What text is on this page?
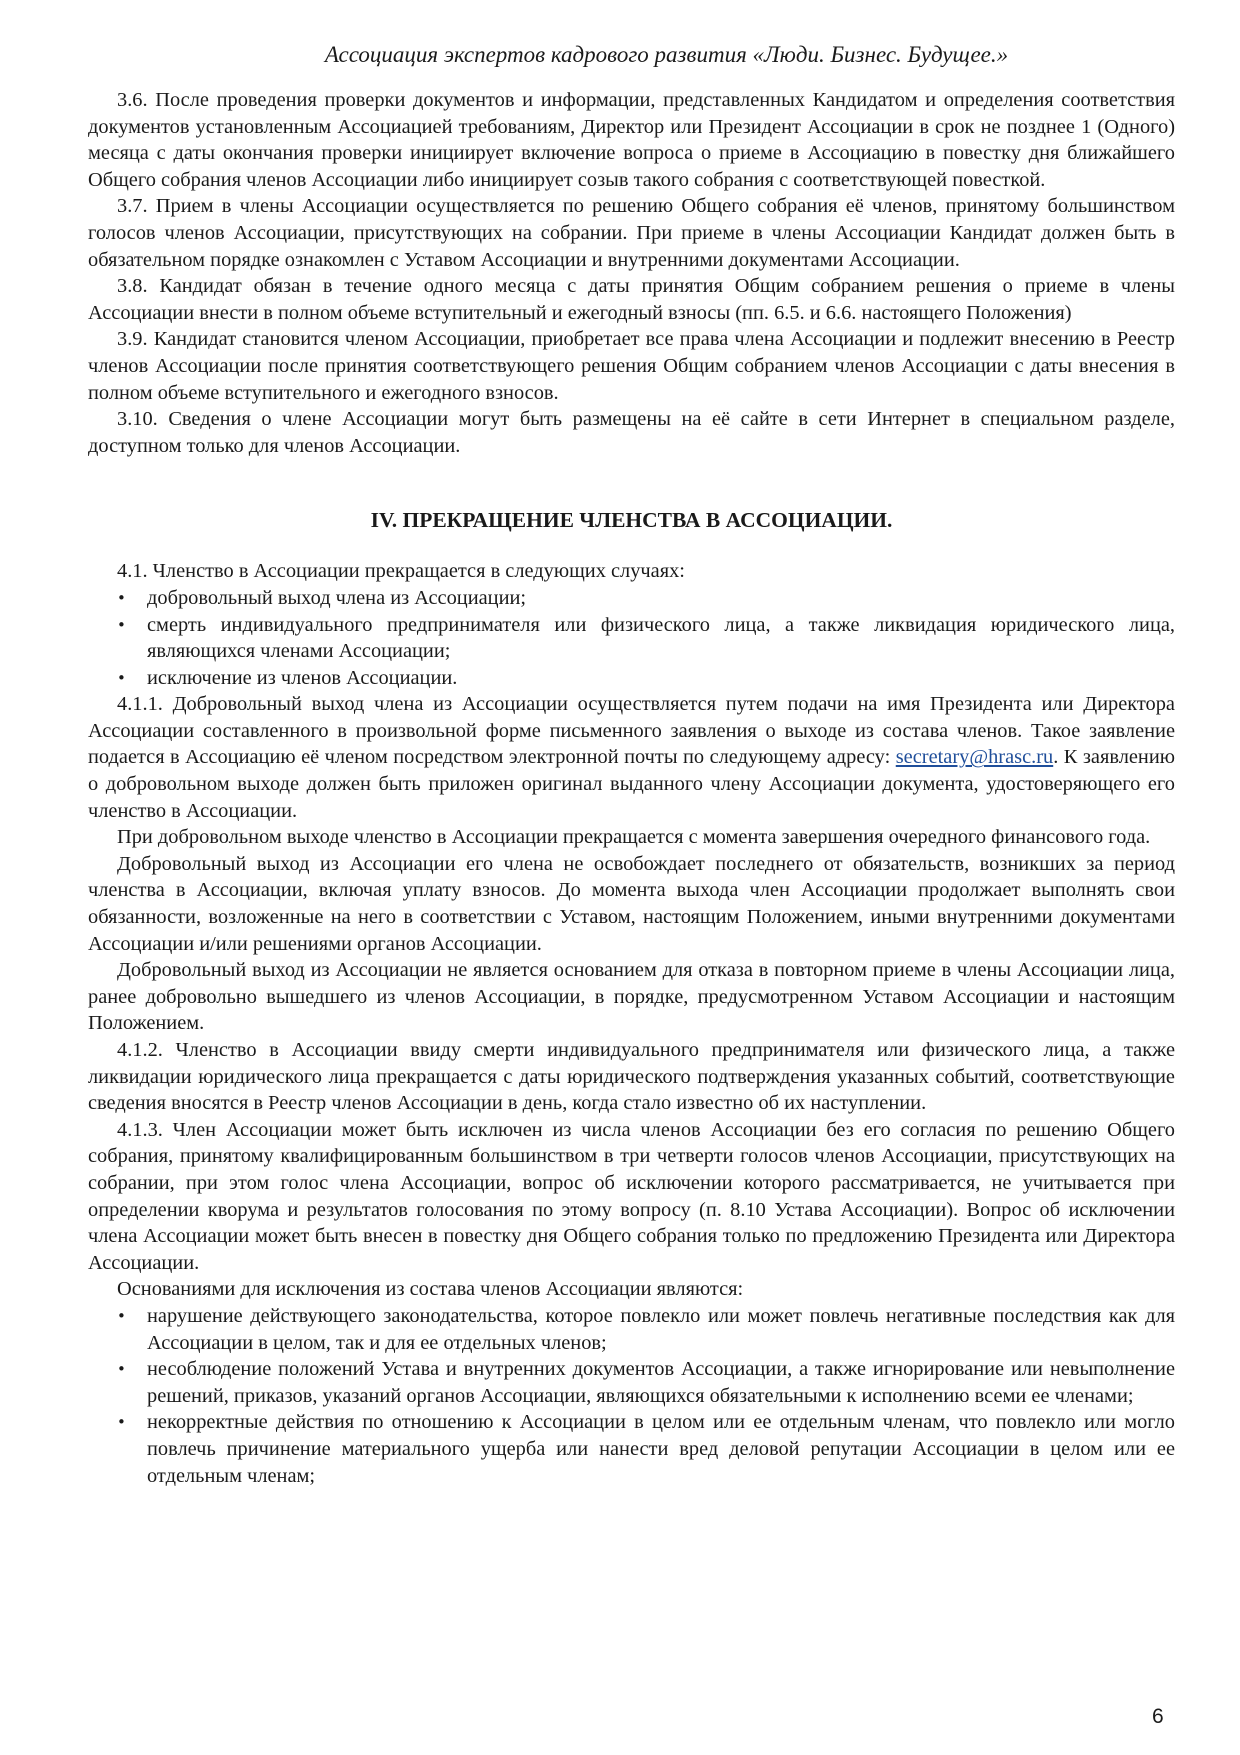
Ассоциация экспертов кадрового развития «Люди. Бизнес. Будущее.»

3.6. После проведения проверки документов и информации, представленных Кандидатом и определения соответствия документов установленным Ассоциацией требованиям, Директор или Президент Ассоциации в срок не позднее 1 (Одного) месяца с даты окончания проверки инициирует включение вопроса о приеме в Ассоциацию в повестку дня ближайшего Общего собрания членов Ассоциации либо инициирует созыв такого собрания с соответствующей повесткой.

3.7. Прием в члены Ассоциации осуществляется по решению Общего собрания её членов, принятому большинством голосов членов Ассоциации, присутствующих на собрании. При приеме в члены Ассоциации Кандидат должен быть в обязательном порядке ознакомлен с Уставом Ассоциации и внутренними документами Ассоциации.

3.8. Кандидат обязан в течение одного месяца с даты принятия Общим собранием решения о приеме в члены Ассоциации внести в полном объеме вступительный и ежегодный взносы (пп. 6.5. и 6.6. настоящего Положения)

3.9. Кандидат становится членом Ассоциации, приобретает все права члена Ассоциации и подлежит внесению в Реестр членов Ассоциации после принятия соответствующего решения Общим собранием членов Ассоциации с даты внесения в полном объеме вступительного и ежегодного взносов.

3.10. Сведения о члене Ассоциации могут быть размещены на её сайте в сети Интернет в специальном разделе, доступном только для членов Ассоциации.

IV. ПРЕКРАЩЕНИЕ ЧЛЕНСТВА В АССОЦИАЦИИ.

4.1. Членство в Ассоциации прекращается в следующих случаях:

• добровольный выход члена из Ассоциации;
• смерть индивидуального предпринимателя или физического лица, а также ликвидация юридического лица, являющихся членами Ассоциации;
• исключение из членов Ассоциации.

4.1.1. Добровольный выход члена из Ассоциации осуществляется путем подачи на имя Президента или Директора Ассоциации составленного в произвольной форме письменного заявления о выходе из состава членов. Такое заявление подается в Ассоциацию её членом посредством электронной почты по следующему адресу: secretary@hrasc.ru. К заявлению о добровольном выходе должен быть приложен оригинал выданного члену Ассоциации документа, удостоверяющего его членство в Ассоциации.

При добровольном выходе членство в Ассоциации прекращается с момента завершения очередного финансового года.

Добровольный выход из Ассоциации его члена не освобождает последнего от обязательств, возникших за период членства в Ассоциации, включая уплату взносов. До момента выхода член Ассоциации продолжает выполнять свои обязанности, возложенные на него в соответствии с Уставом, настоящим Положением, иными внутренними документами Ассоциации и/или решениями органов Ассоциации.

Добровольный выход из Ассоциации не является основанием для отказа в повторном приеме в члены Ассоциации лица, ранее добровольно вышедшего из членов Ассоциации, в порядке, предусмотренном Уставом Ассоциации и настоящим Положением.

4.1.2. Членство в Ассоциации ввиду смерти индивидуального предпринимателя или физического лица, а также ликвидации юридического лица прекращается с даты юридического подтверждения указанных событий, соответствующие сведения вносятся в Реестр членов Ассоциации в день, когда стало известно об их наступлении.

4.1.3. Член Ассоциации может быть исключен из числа членов Ассоциации без его согласия по решению Общего собрания, принятому квалифицированным большинством в три четверти голосов членов Ассоциации, присутствующих на собрании, при этом голос члена Ассоциации, вопрос об исключении которого рассматривается, не учитывается при определении кворума и результатов голосования по этому вопросу (п. 8.10 Устава Ассоциации). Вопрос об исключении члена Ассоциации может быть внесен в повестку дня Общего собрания только по предложению Президента или Директора Ассоциации.

Основаниями для исключения из состава членов Ассоциации являются:

• нарушение действующего законодательства, которое повлекло или может повлечь негативные последствия как для Ассоциации в целом, так и для ее отдельных членов;
• несоблюдение положений Устава и внутренних документов Ассоциации, а также игнорирование или невыполнение решений, приказов, указаний органов Ассоциации, являющихся обязательными к исполнению всеми ее членами;
• некорректные действия по отношению к Ассоциации в целом или ее отдельным членам, что повлекло или могло повлечь причинение материального ущерба или нанести вред деловой репутации Ассоциации в целом или ее отдельным членам;
6
